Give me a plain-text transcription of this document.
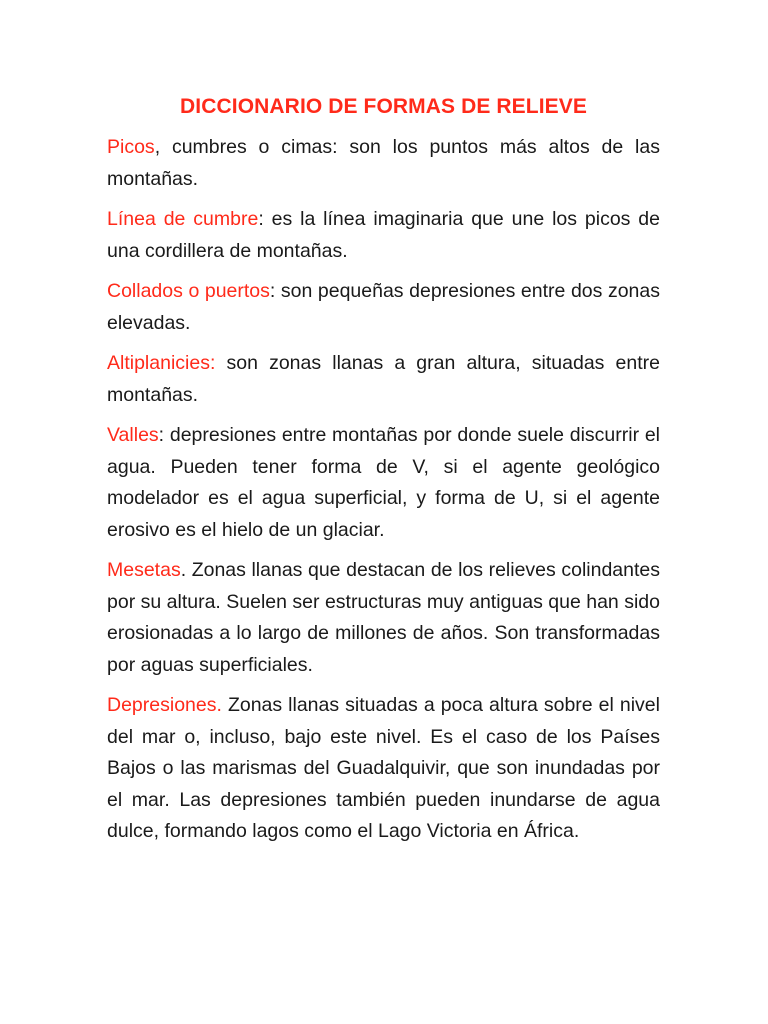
DICCIONARIO DE FORMAS DE RELIEVE

Picos, cumbres o cimas: son los puntos más altos de las montañas.

Línea de cumbre: es la línea imaginaria que une los picos de una cordillera de montañas.

Collados o puertos: son pequeñas depresiones entre dos zonas elevadas.

Altiplanicies: son zonas llanas a gran altura, situadas entre montañas.

Valles: depresiones entre montañas por donde suele discurrir el agua. Pueden tener forma de V, si el agente geológico modelador es el agua superficial, y forma de U, si el agente erosivo es el hielo de un glaciar.

Mesetas. Zonas llanas que destacan de los relieves colindantes por su altura. Suelen ser estructuras muy antiguas que han sido erosionadas a lo largo de millones de años. Son transformadas por aguas superficiales.

Depresiones. Zonas llanas situadas a poca altura sobre el nivel del mar o, incluso, bajo este nivel. Es el caso de los Países Bajos o las marismas del Guadalquivir, que son inundadas por el mar. Las depresiones también pueden inundarse de agua dulce, formando lagos como el Lago Victoria en África.
